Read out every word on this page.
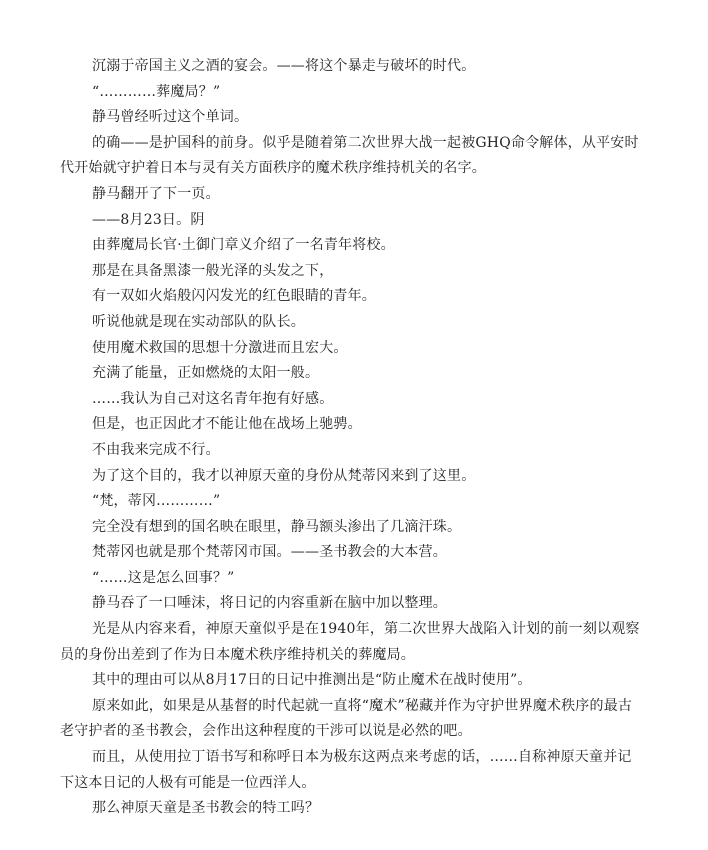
沉溺于帝国主义之酒的宴会。——将这个暴走与破坏的时代。

“…………葬魔局？”

静马曾经听过这个单词。

的确——是护国科的前身。似乎是随着第二次世界大战一起被GHQ命令解体，从平安时代开始就守护着日本与灵有关方面秩序的魔术秩序维持机关的名字。

静马翻开了下一页。

——8月23日。阴

由葬魔局长官·土御门章义介绍了一名青年将校。

那是在具备黑漆一般光泽的头发之下，

有一双如火焰般闪闪发光的红色眼睛的青年。

听说他就是现在实动部队的队长。

使用魔术救国的思想十分激进而且宏大。

充满了能量，正如燃烧的太阳一般。

……我认为自己对这名青年抱有好感。

但是，也正因此才不能让他在战场上驰骋。

不由我来完成不行。

为了这个目的，我才以神原天童的身份从梵蒂冈来到了这里。

“梵，蒂冈…………”

完全没有想到的国名映在眼里，静马额头渗出了几滴汗珠。

梵蒂冈也就是那个梵蒂冈市国。——圣书教会的大本营。

“……这是怎么回事？”

静马吞了一口唾沫，将日记的内容重新在脑中加以整理。

光是从内容来看，神原天童似乎是在1940年，第二次世界大战陷入计划的前一刻以观察员的身份出差到了作为日本魔术秩序维持机关的葬魔局。

其中的理由可以从8月17日的日记中推测出是“防止魔术在战时使用”。

原来如此，如果是从基督的时代起就一直将“魔术”秘藏并作为守护世界魔术秩序的最古老守护者的圣书教会，会作出这种程度的干涉可以说是必然的吧。

而且，从使用拉丁语书写和称呼日本为极东这两点来考虑的话，……自称神原天童并记下这本日记的人极有可能是一位西洋人。

那么神原天童是圣书教会的特工吗？
